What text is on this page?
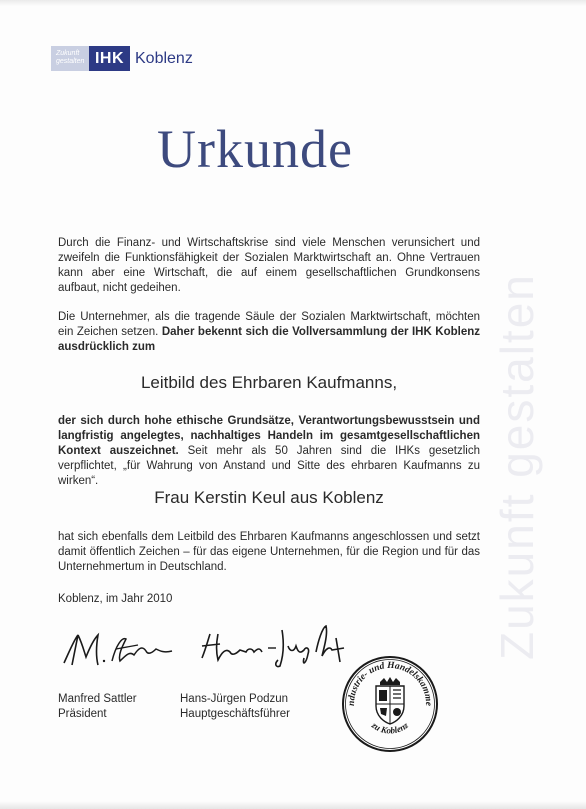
Zukunft gestalten
Zukunft
gestalten IHK Koblenz
Urkunde
Durch die Finanz- und Wirtschaftskrise sind viele Menschen verunsichert und zweifeln die Funktionsfähigkeit der Sozialen Marktwirtschaft an. Ohne Vertrauen kann aber eine Wirtschaft, die auf einem gesellschaftlichen Grundkonsens aufbaut, nicht gedeihen.
Die Unternehmer, als die tragende Säule der Sozialen Marktwirtschaft, möchten ein Zeichen setzen. Daher bekennt sich die Vollversammlung der IHK Koblenz ausdrücklich zum
Leitbild des Ehrbaren Kaufmanns,
der sich durch hohe ethische Grundsätze, Verantwortungsbewusstsein und langfristig angelegtes, nachhaltiges Handeln im gesamtgesellschaftlichen Kontext auszeichnet. Seit mehr als 50 Jahren sind die IHKs gesetzlich verpflichtet, „für Wahrung von Anstand und Sitte des ehrbaren Kaufmanns zu wirken“.
Frau Kerstin Keul aus Koblenz
hat sich ebenfalls dem Leitbild des Ehrbaren Kaufmanns angeschlossen und setzt damit öffentlich Zeichen – für das eigene Unternehmen, für die Region und für das Unternehmertum in Deutschland.
Koblenz, im Jahr 2010
Manfred Sattler
Präsident
Hans-Jürgen Podzun
Hauptgeschäftsführer
ndustrie- und Handelskamme
zu Koblenz
